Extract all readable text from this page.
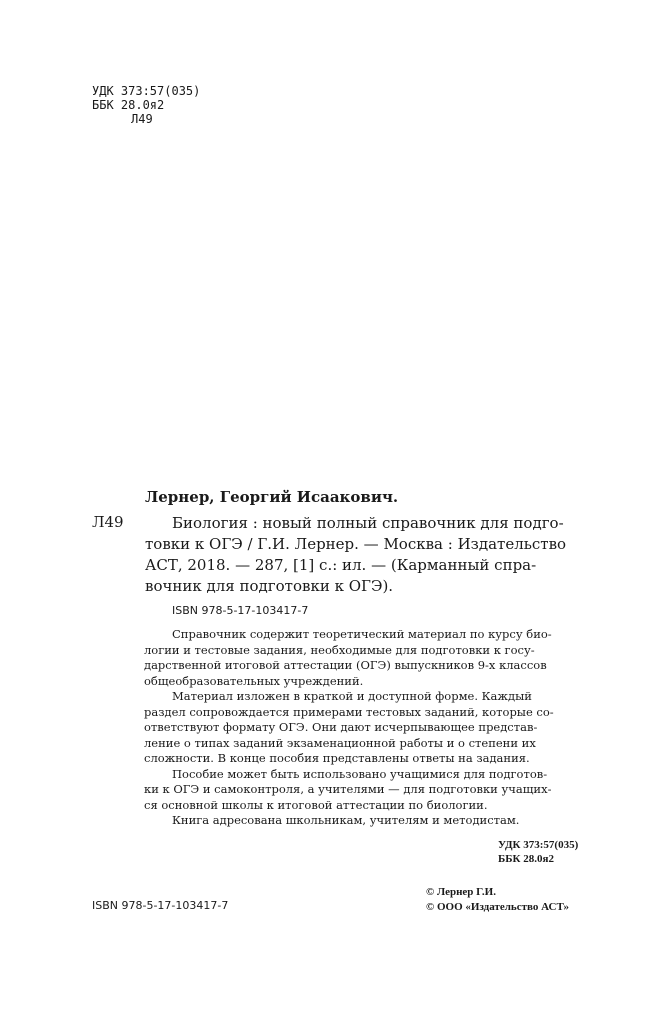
УДК 373:57(035)
ББК 28.0я2
Л49
Лернер, Георгий Исаакович.
Л49	Биология : новый полный справочник для подго-
товки к ОГЭ / Г.И. Лернер. — Москва : Издательство
АСТ, 2018. — 287, [1] с.: ил. — (Карманный спра-
вочник для подготовки к ОГЭ).
ISBN 978-5-17-103417-7
Справочник содержит теоретический материал по курсу био-
логии и тестовые задания, необходимые для подготовки к госу-
дарственной итоговой аттестации (ОГЭ) выпускников 9-х классов
общеобразовательных учреждений.
Материал изложен в краткой и доступной форме. Каждый
раздел сопровождается примерами тестовых заданий, которые со-
ответствуют формату ОГЭ. Они дают исчерпывающее представ-
ление о типах заданий экзаменационной работы и о степени их
сложности. В конце пособия представлены ответы на задания.
Пособие может быть использовано учащимися для подготов-
ки к ОГЭ и самоконтроля, а учителями — для подготовки учащих-
ся основной школы к итоговой аттестации по биологии.
Книга адресована школьникам, учителям и методистам.
УДК 373:57(035)
ББК 28.0я2
ISBN 978-5-17-103417-7
© Лернер Г.И.
© ООО «Издательство АСТ»
